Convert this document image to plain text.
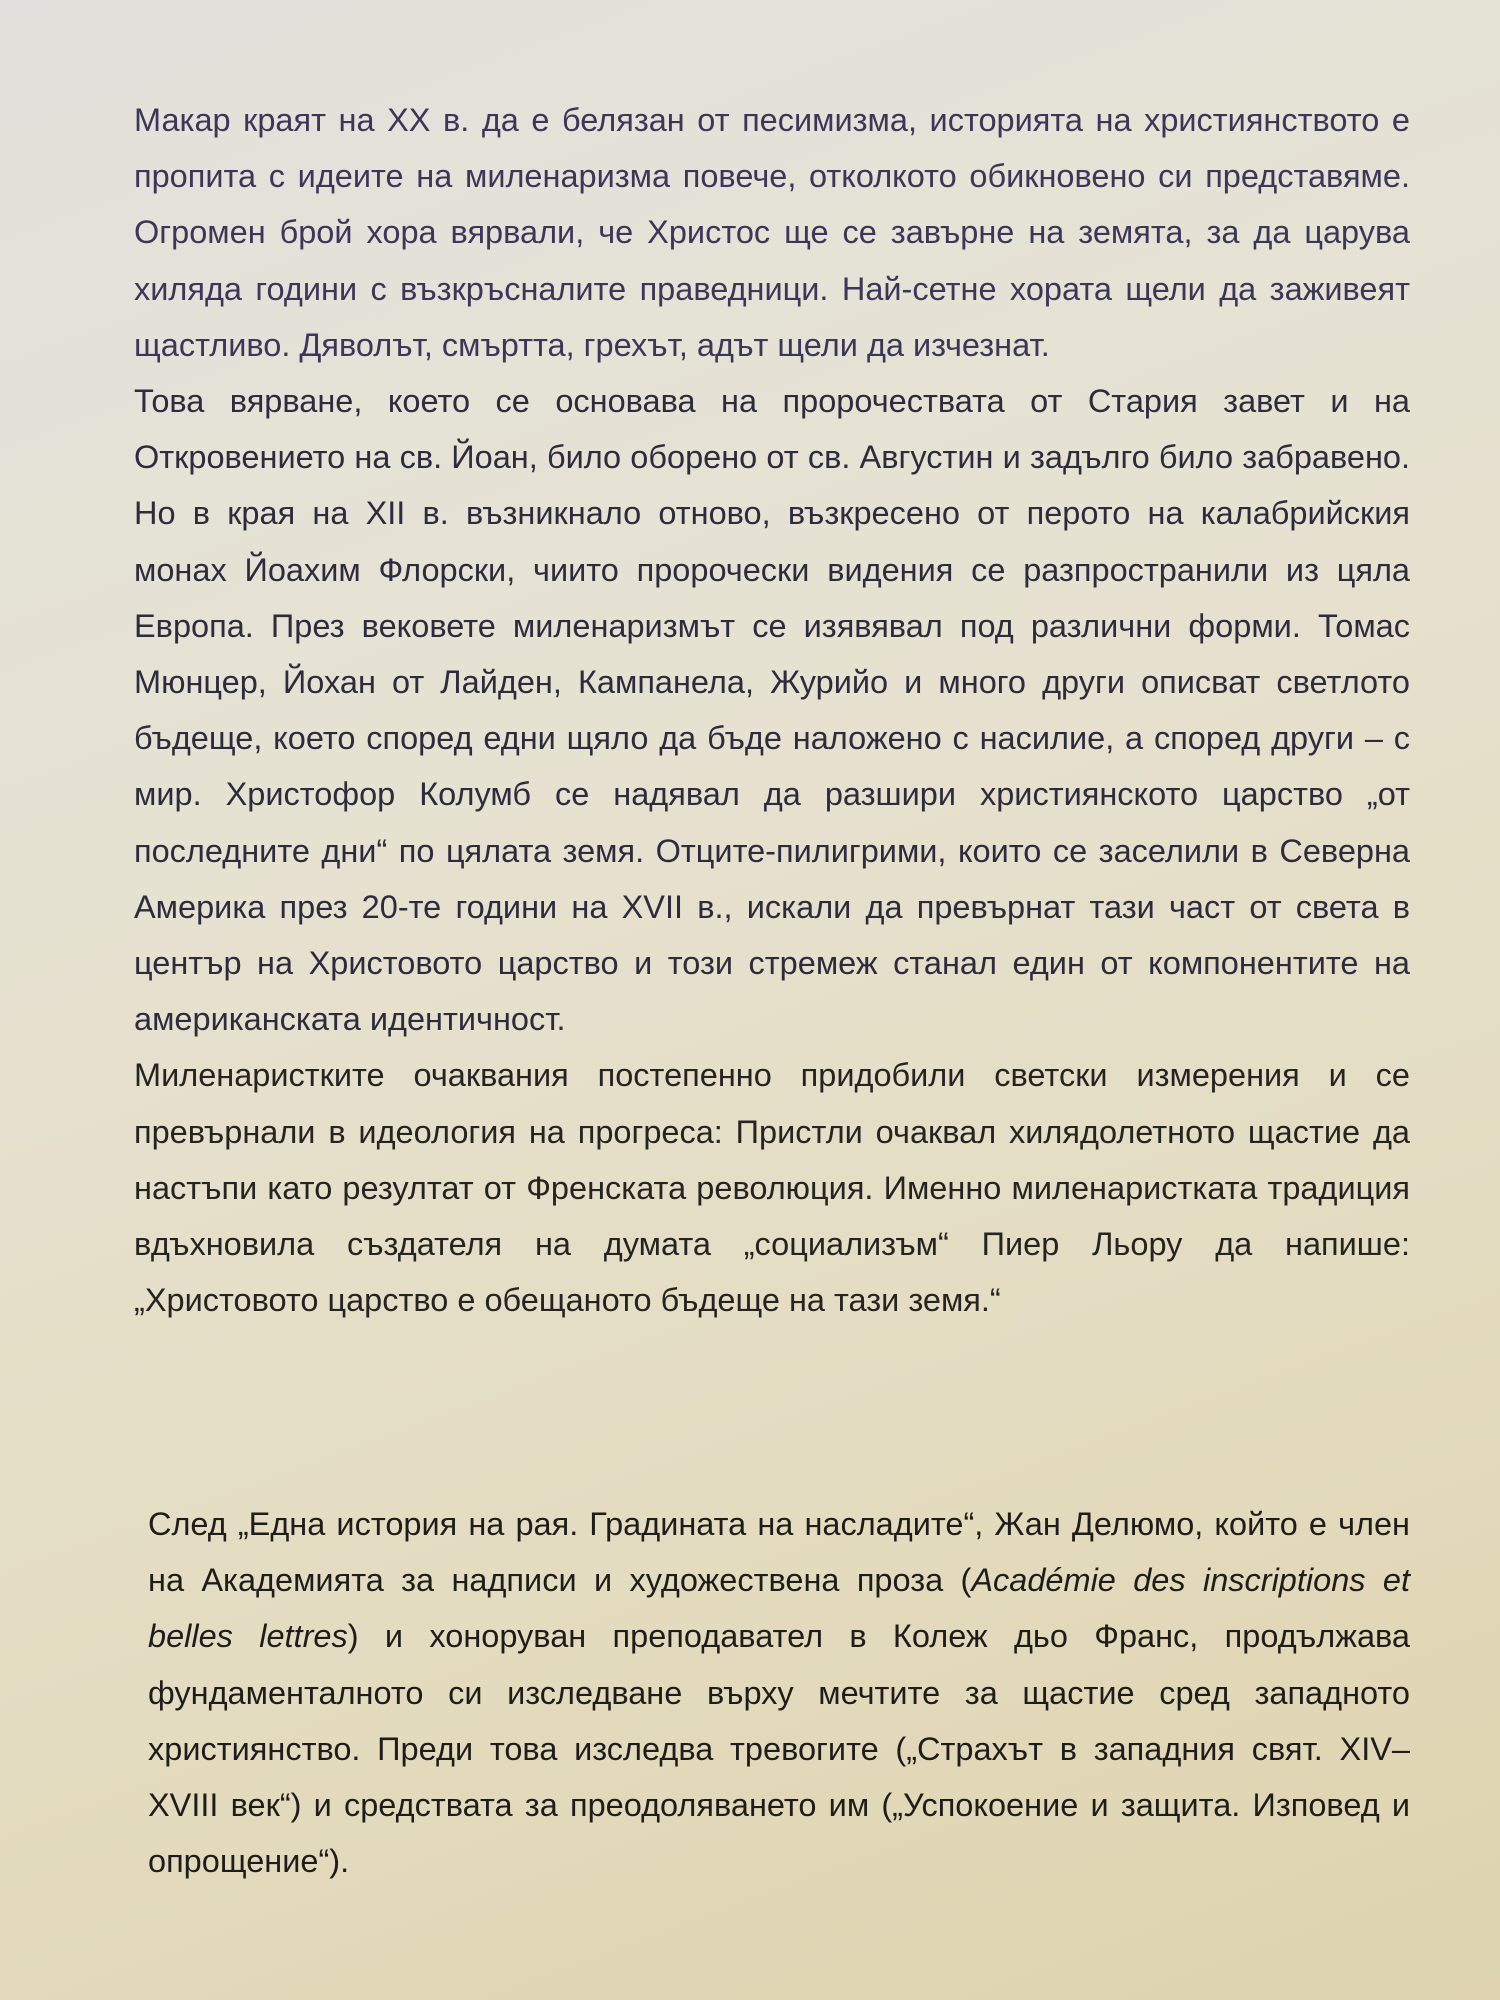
Макар краят на XX в. да е белязан от песимизма, историята на християнството е пропита с идеите на миленаризма повече, отколкото обикновено си представяме. Огромен брой хора вярвали, че Христос ще се завърне на земята, за да царува хиляда години с възкръсналите праведници. Най-сетне хората щели да заживеят щастливо. Дяволът, смъртта, грехът, адът щели да изчезнат.

Това вярване, което се основава на пророчествата от Стария завет и на Откровението на св. Йоан, било оборено от св. Августин и задълго било забравено. Но в края на XII в. възникнало отново, възкресено от перото на калабрийския монах Йоахим Флорски, чиито пророчески видения се разпространили из цяла Европа. През вековете миленаризмът се изявявал под различни форми. Томас Мюнцер, Йохан от Лайден, Кампанела, Журийо и много други описват светлото бъдеще, което според едни щяло да бъде наложено с насилие, а според други – с мир. Христофор Колумб се надявал да разшири християнското царство „от последните дни“ по цялата земя. Отците-пилигрими, които се заселили в Северна Америка през 20-те години на XVII в., искали да превърнат тази част от света в център на Христовото царство и този стремеж станал един от компонентите на американската идентичност.

Миленаристките очаквания постепенно придобили светски измерения и се превърнали в идеология на прогреса: Пристли очаквал хилядолетното щастие да настъпи като резултат от Френската революция. Именно миленаристката традиция вдъхновила създателя на думата „социализъм“ Пиер Льору да напише: „Христовото царство е обещаното бъдеще на тази земя.“

След „Една история на рая. Градината на насладите“, Жан Делюмо, който е член на Академията за надписи и художествена проза (Académie des inscriptions et belles lettres) и хоноруван преподавател в Колеж дьо Франс, продължава фундаменталното си изследване върху мечтите за щастие сред западното християнство. Преди това изследва тревогите („Страхът в западния свят. XIV–XVIII век“) и средствата за преодоляването им („Успокоение и защита. Изповед и опрощение“).
